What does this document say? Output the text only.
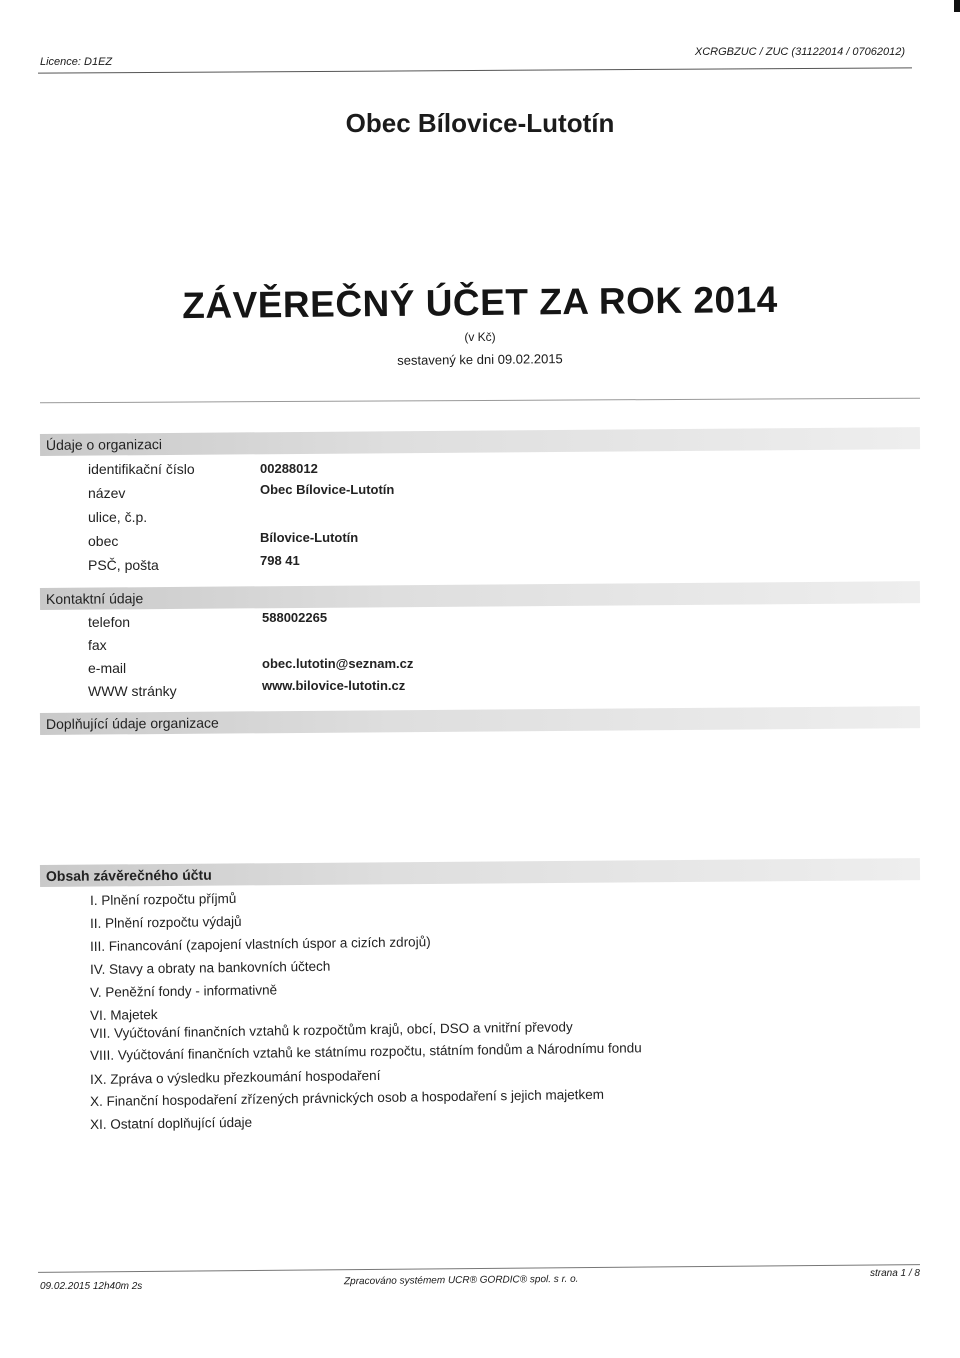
Licence: D1EZ
XCRGBZUC / ZUC (31122014 / 07062012)
Obec Bílovice-Lutotín
ZÁVĚREČNÝ ÚČET ZA ROK 2014
(v Kč)
sestavený ke dni 09.02.2015
Údaje o organizaci
identifikační číslo	00288012
název	Obec Bílovice-Lutotín
ulice, č.p.
obec	Bílovice-Lutotín
PSČ, pošta	798 41
Kontaktní údaje
telefon	588002265
fax
e-mail	obec.lutotin@seznam.cz
WWW stránky	www.bilovice-lutotin.cz
Doplňující údaje organizace
Obsah závěrečného účtu
I. Plnění rozpočtu příjmů
II. Plnění rozpočtu výdajů
III. Financování (zapojení vlastních úspor a cizích zdrojů)
IV. Stavy a obraty na bankovních účtech
V. Peněžní fondy - informativně
VI. Majetek
VII. Vyúčtování finančních vztahů k rozpočtům krajů, obcí, DSO a vnitřní převody
VIII. Vyúčtování finančních vztahů ke státnímu rozpočtu, státním fondům a Národnímu fondu
IX. Zpráva o výsledku přezkoumání hospodaření
X. Finanční hospodaření zřízených právnických osob a hospodaření s jejich majetkem
XI. Ostatní doplňující údaje
09.02.2015 12h40m 2s	Zpracováno systémem UCR® GORDIC® spol. s r. o.
strana 1 / 8
